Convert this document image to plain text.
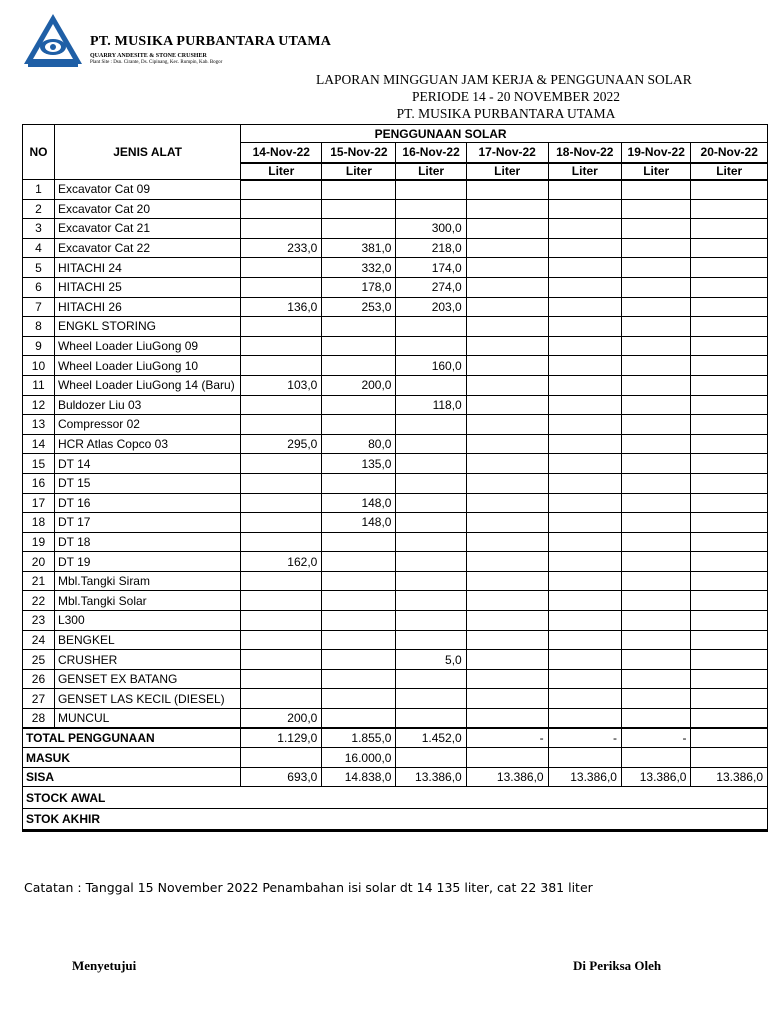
PT. MUSIKA PURBANTARA UTAMA
QUARRY ANDESITE & STONE CRUSHER
Plant Site : Dsn. Cirante, Ds. Cipinang, Kec. Rumpin, Kab. Bogor
LAPORAN MINGGUAN JAM KERJA & PENGGUNAAN SOLAR
PERIODE 14 - 20 NOVEMBER 2022
PT. MUSIKA PURBANTARA UTAMA
NO	JENIS ALAT	PENGGUNAAN SOLAR						
		14-Nov-22	15-Nov-22	16-Nov-22	17-Nov-22	18-Nov-22	19-Nov-22	20-Nov-22
		Liter	Liter	Liter	Liter	Liter	Liter	Liter
1	Excavator Cat 09							
2	Excavator Cat 20							
3	Excavator Cat 21			300,0				
4	Excavator Cat 22	233,0	381,0	218,0				
5	HITACHI 24		332,0	174,0				
6	HITACHI 25		178,0	274,0				
7	HITACHI 26	136,0	253,0	203,0				
8	ENGKL STORING							
9	Wheel Loader LiuGong 09							
10	Wheel Loader LiuGong 10			160,0				
11	Wheel Loader LiuGong 14 (Baru)	103,0	200,0					
12	Buldozer Liu 03			118,0				
13	Compressor 02							
14	HCR Atlas Copco 03	295,0	80,0					
15	DT 14		135,0					
16	DT 15							
17	DT 16		148,0					
18	DT 17		148,0					
19	DT 18							
20	DT 19	162,0						
21	Mbl.Tangki Siram							
22	Mbl.Tangki Solar							
23	L300							
24	BENGKEL							
25	CRUSHER			5,0				
26	GENSET EX BATANG							
27	GENSET LAS KECIL (DIESEL)							
28	MUNCUL	200,0						
TOTAL PENGGUNAAN		1.129,0	1.855,0	1.452,0	-	-	-	
MASUK			16.000,0					
SISA		693,0	14.838,0	13.386,0	13.386,0	13.386,0	13.386,0	13.386,0
STOCK AWAL								
STOK AKHIR								
Catatan : Tanggal 15 November 2022 Penambahan isi solar dt 14 135 liter, cat 22 381 liter
Menyetujui	Di Periksa Oleh
